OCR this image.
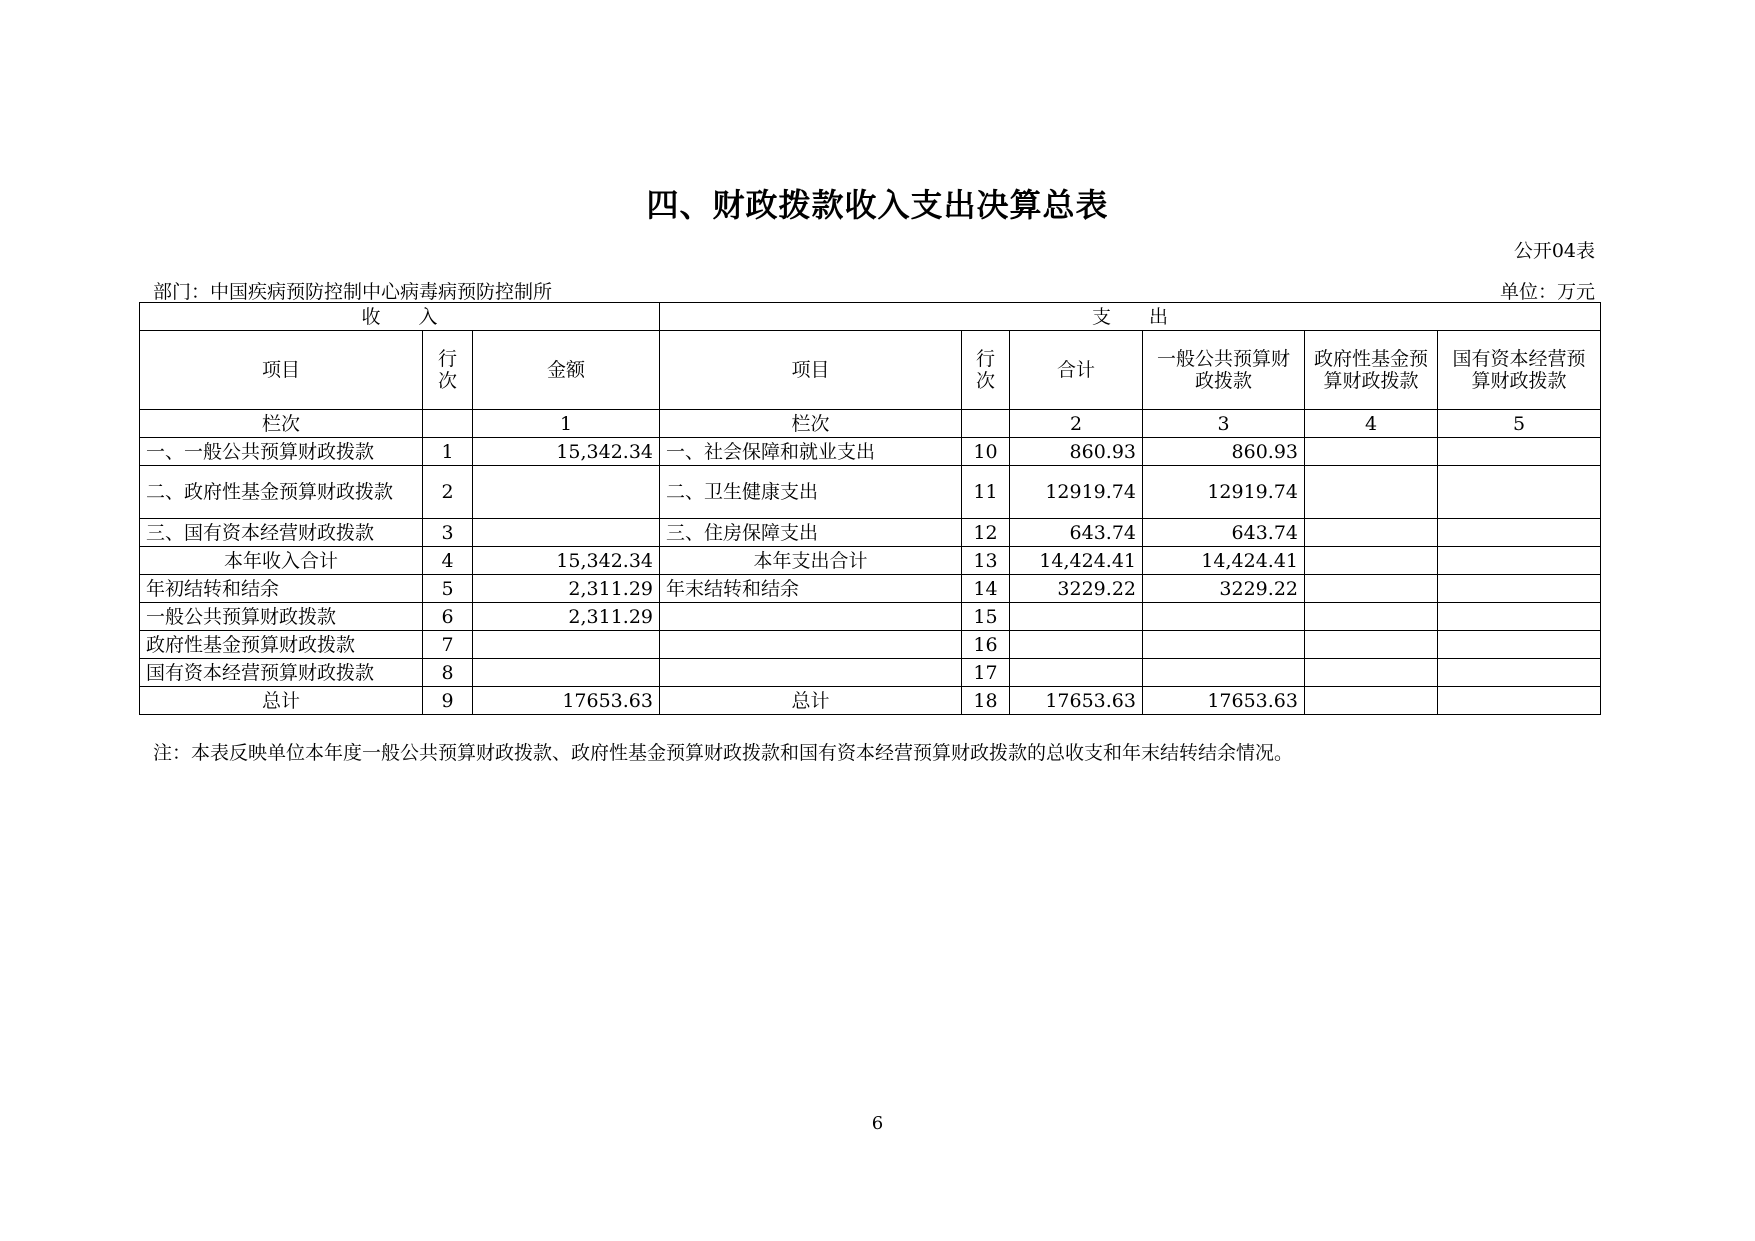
四、财政拨款收入支出决算总表
公开04表
部门：中国疾病预防控制中心病毒病预防控制所	单位：万元
收　　入			支　　出					
项目	行次	金额	项目	行次	合计	一般公共预算财政拨款	政府性基金预算财政拨款	国有资本经营预算财政拨款
栏次		1	栏次		2	3	4	5
一、一般公共预算财政拨款	1	15,342.34	一、社会保障和就业支出	10	860.93	860.93		
二、政府性基金预算财政拨款	2		二、卫生健康支出	11	12919.74	12919.74		
三、国有资本经营财政拨款	3		三、住房保障支出	12	643.74	643.74		
本年收入合计	4	15,342.34	本年支出合计	13	14,424.41	14,424.41		
年初结转和结余	5	2,311.29	年末结转和结余	14	3229.22	3229.22		
一般公共预算财政拨款	6	2,311.29		15				
政府性基金预算财政拨款	7			16				
国有资本经营预算财政拨款	8			17				
总计	9	17653.63	总计	18	17653.63	17653.63		
注：本表反映单位本年度一般公共预算财政拨款、政府性基金预算财政拨款和国有资本经营预算财政拨款的总收支和年末结转结余情况。
6
